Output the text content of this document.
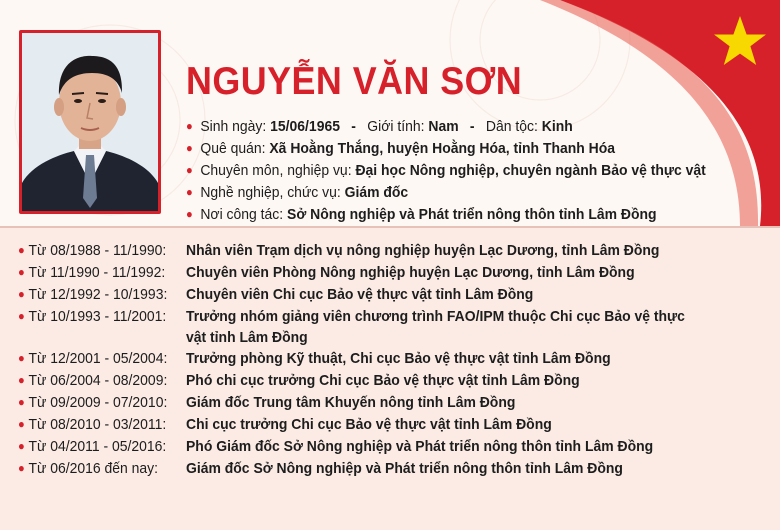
NGUYỄN VĂN SƠN
● Sinh ngày: 15/06/1965 - Giới tính: Nam - Dân tộc: Kinh
● Quê quán: Xã Hoằng Thắng, huyện Hoằng Hóa, tỉnh Thanh Hóa
● Chuyên môn, nghiệp vụ: Đại học Nông nghiệp, chuyên ngành Bảo vệ thực vật
● Nghề nghiệp, chức vụ: Giám đốc
● Nơi công tác: Sở Nông nghiệp và Phát triển nông thôn tỉnh Lâm Đồng
● Từ 08/1988 - 11/1990:	Nhân viên Trạm dịch vụ nông nghiệp huyện Lạc Dương, tỉnh Lâm Đồng
● Từ 11/1990 - 11/1992:	Chuyên viên Phòng Nông nghiệp huyện Lạc Dương, tỉnh Lâm Đồng
● Từ 12/1992 - 10/1993:	Chuyên viên Chi cục Bảo vệ thực vật tỉnh Lâm Đồng
● Từ 10/1993 - 11/2001:	Trưởng nhóm giảng viên chương trình FAO/IPM thuộc Chi cục Bảo vệ thực vật tỉnh Lâm Đồng
● Từ 12/2001 - 05/2004:	Trưởng phòng Kỹ thuật, Chi cục Bảo vệ thực vật tỉnh Lâm Đồng
● Từ 06/2004 - 08/2009:	Phó chi cục trưởng Chi cục Bảo vệ thực vật tỉnh Lâm Đồng
● Từ 09/2009 - 07/2010:	Giám đốc Trung tâm Khuyến nông tỉnh Lâm Đồng
● Từ 08/2010 - 03/2011:	Chi cục trưởng Chi cục Bảo vệ thực vật tỉnh Lâm Đồng
● Từ 04/2011 - 05/2016:	Phó Giám đốc Sở Nông nghiệp và Phát triển nông thôn tỉnh Lâm Đồng
● Từ 06/2016 đến nay:	Giám đốc Sở Nông nghiệp và Phát triển nông thôn tỉnh Lâm Đồng
